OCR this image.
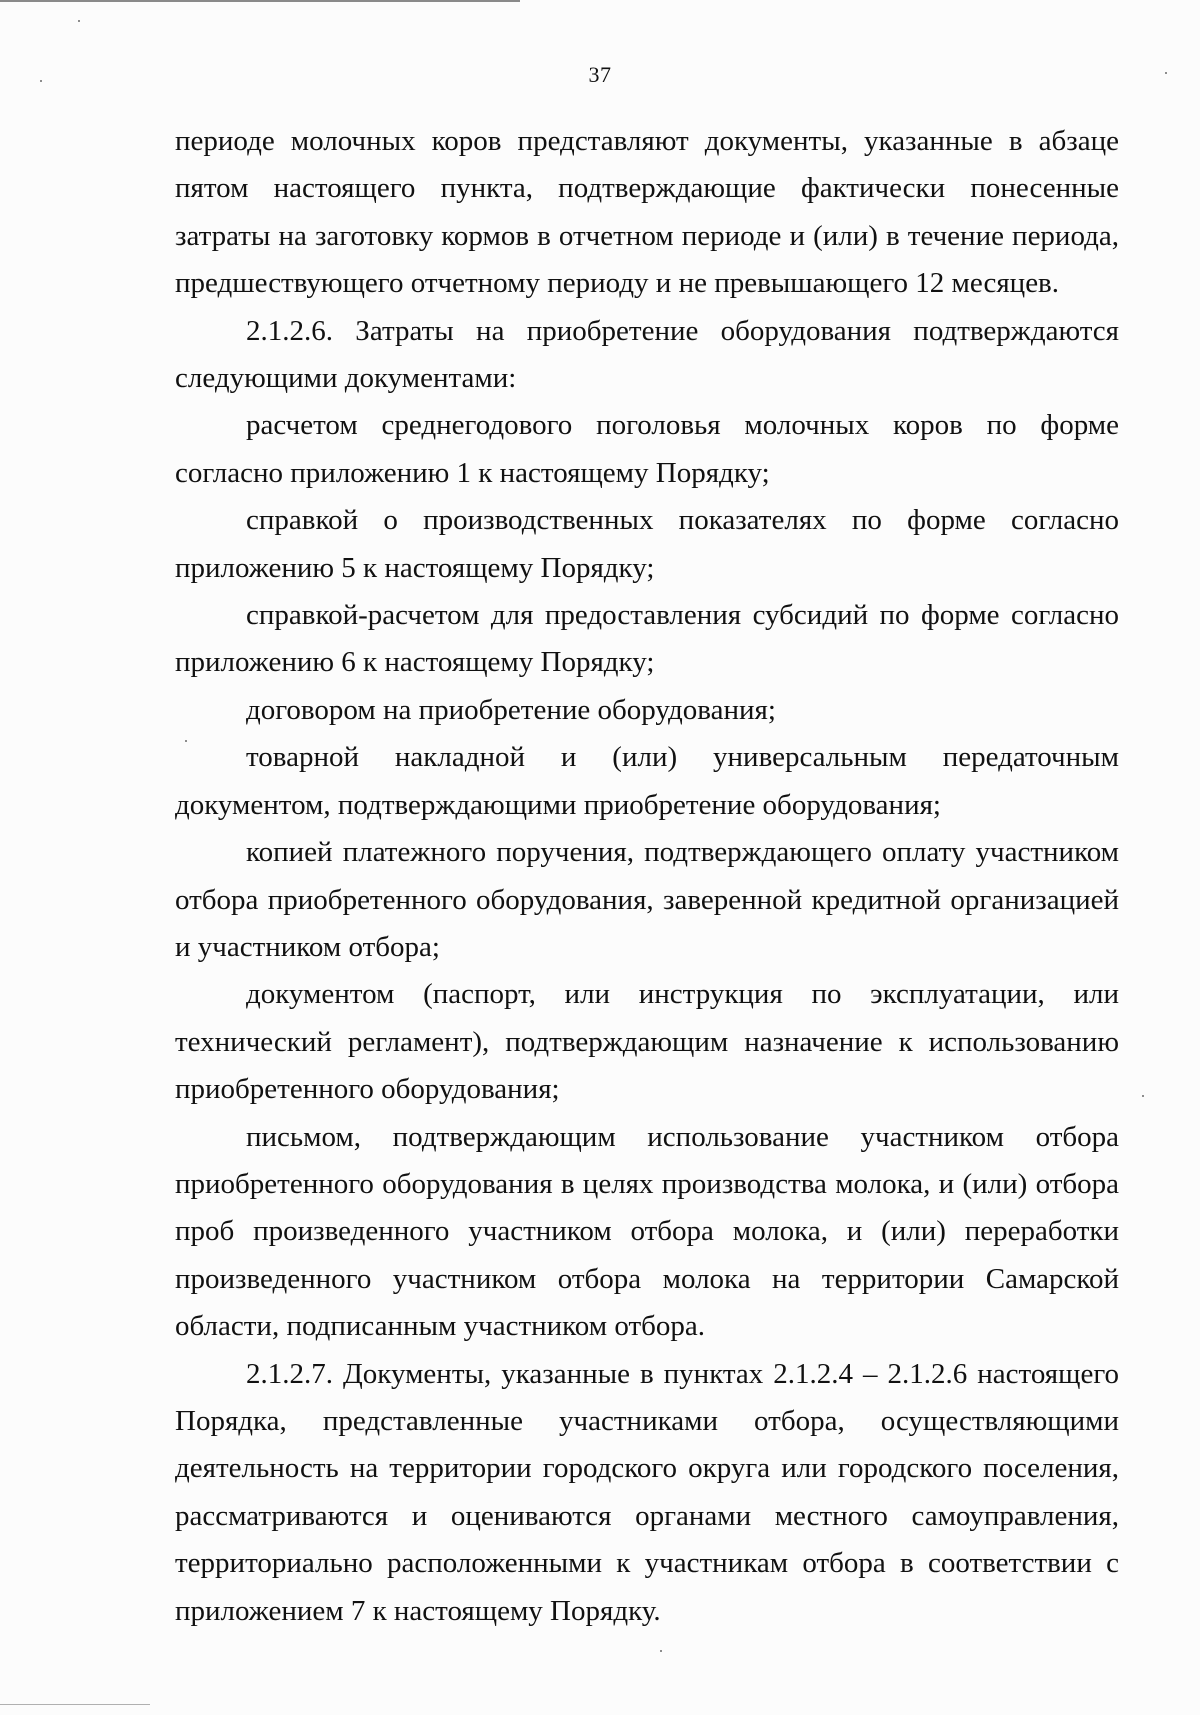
37

периоде молочных коров представляют документы, указанные в абзаце пятом настоящего пункта, подтверждающие фактически понесенные затраты на заготовку кормов в отчетном периоде и (или) в течение периода, предшествующего отчетному периоду и не превышающего 12 месяцев.

2.1.2.6. Затраты на приобретение оборудования подтверждаются следующими документами:

расчетом среднегодового поголовья молочных коров по форме согласно приложению 1 к настоящему Порядку;

справкой о производственных показателях по форме согласно приложению 5 к настоящему Порядку;

справкой-расчетом для предоставления субсидий по форме согласно приложению 6 к настоящему Порядку;

договором на приобретение оборудования;

товарной накладной и (или) универсальным передаточным документом, подтверждающими приобретение оборудования;

копией платежного поручения, подтверждающего оплату участником отбора приобретенного оборудования, заверенной кредитной организацией и участником отбора;

документом (паспорт, или инструкция по эксплуатации, или технический регламент), подтверждающим назначение к использованию приобретенного оборудования;

письмом, подтверждающим использование участником отбора приобретенного оборудования в целях производства молока, и (или) отбора проб произведенного участником отбора молока, и (или) переработки произведенного участником отбора молока на территории Самарской области, подписанным участником отбора.

2.1.2.7. Документы, указанные в пунктах 2.1.2.4 – 2.1.2.6 настоящего Порядка, представленные участниками отбора, осуществляющими деятельность на территории городского округа или городского поселения, рассматриваются и оцениваются органами местного самоуправления, территориально расположенными к участникам отбора в соответствии с приложением 7 к настоящему Порядку.
